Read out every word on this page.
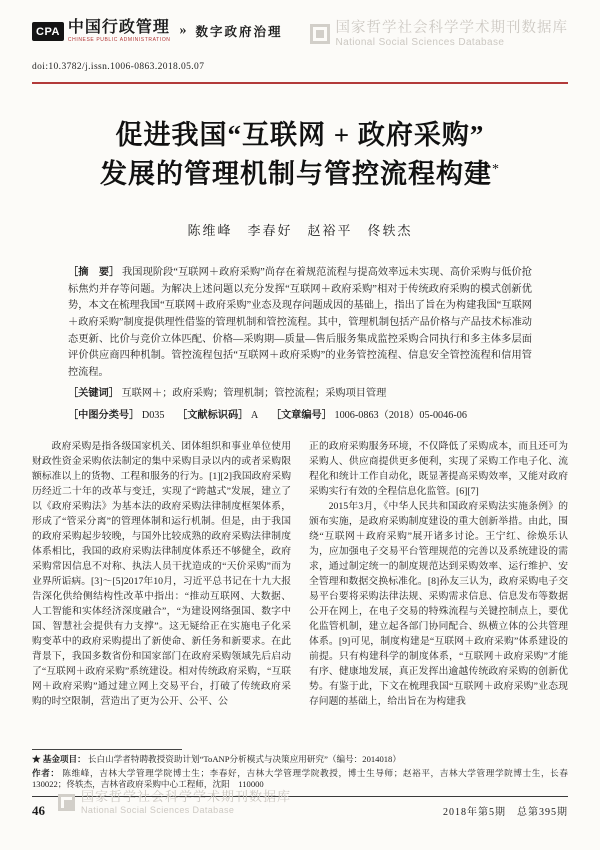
CPA 中国行政管理
CHINESE PUBLIC ADMINISTRATION
» 数字政府治理	国家哲学社会科学学术期刊数据库
National Social Sciences Database
doi:10.3782/j.issn.1006-0863.2018.05.07
促进我国“互联网 + 政府采购”
发展的管理机制与管控流程构建*
陈维峰　李春好　赵裕平　佟轶杰
［摘　要］ 我国现阶段“互联网＋政府采购”尚存在着规范流程与提高效率远未实现、高价采购与低价抢标焦灼并存等问题。为解决上述问题以充分发挥“互联网＋政府采购”相对于传统政府采购的模式创新优势，本文在梳理我国“互联网＋政府采购”业态及现存问题成因的基础上，指出了旨在为构建我国“互联网＋政府采购”制度提供理性借鉴的管理机制和管控流程。其中，管理机制包括产品价格与产品技术标准动态更新、比价与竞价立体匹配、价格—采购期—质量—售后服务集成监控采购合同执行和多主体多层面评价供应商四种机制。管控流程包括“互联网＋政府采购”的业务管控流程、信息安全管控流程和信用管控流程。
［关键词］ 互联网＋；政府采购；管理机制；管控流程；采购项目管理
［中图分类号］ D035 ［文献标识码］ A ［文章编号］ 1006-0863（2018）05-0046-06

政府采购是指各级国家机关、团体组织和事业单位使用财政性资金采购依法制定的集中采购目录以内的或者采购限额标准以上的货物、工程和服务的行为。[1][2]我国政府采购历经近二十年的改革与变迁，实现了“跨越式”发展，建立了以《政府采购法》为基本法的政府采购法律制度框架体系，形成了“管采分离”的管理体制和运行机制。但是，由于我国的政府采购起步较晚，与国外比较成熟的政府采购法律制度体系相比，我国的政府采购法律制度体系还不够健全，政府采购常因信息不对称、执法人员干扰造成的“天价采购”而为业界所诟病。[3]～[5]2017年10月，习近平总书记在十九大报告深化供给侧结构性改革中指出：“推动互联网、大数据、人工智能和实体经济深度融合”，“为建设网络强国、数字中国、智慧社会提供有力支撑”。这无疑给正在实施电子化采购变革中的政府采购提出了新使命、新任务和新要求。在此背景下，我国多数省份和国家部门在政府采购领域先后启动了“互联网＋政府采购”系统建设。相对传统政府采购，“互联网＋政府采购”通过建立网上交易平台，打破了传统政府采购的时空限制，营造出了更为公开、公平、公

正的政府采购服务环境，不仅降低了采购成本，而且还可为采购人、供应商提供更多便利，实现了采购工作电子化、流程化和统计工作自动化，既显著提高采购效率，又能对政府采购实行有效的全程信息化监管。[6][7]

2015年3月，《中华人民共和国政府采购法实施条例》的颁布实施，是政府采购制度建设的重大创新举措。由此，围绕“互联网＋政府采购”展开诸多讨论。王宁红、徐焕乐认为，应加强电子交易平台管理规范的完善以及系统建设的需求，通过制定统一的制度规范达到采购效率、运行维护、安全管理和数据交换标准化。[8]孙友三认为，政府采购电子交易平台要将采购法律法规、采购需求信息、信息发布等数据公开在网上，在电子交易的特殊流程与关键控制点上，要优化监管机制，建立起各部门协同配合、纵横立体的公共管理体系。[9]可见，制度构建是“互联网＋政府采购”体系建设的前提。只有构建科学的制度体系，“互联网＋政府采购”才能有序、健康地发展，真正发挥出逾越传统政府采购的创新优势。有鉴于此，下文在梳理我国“互联网＋政府采购”业态现存问题的基础上，给出旨在为构建我

★ 基金项目： 长白山学者特聘教授资助计划“ToANP分析模式与决策应用研究”（编号：2014018）

作者： 陈维峰，吉林大学管理学院博士生；李春好，吉林大学管理学院教授，博士生导师；赵裕平，吉林大学管理学院博士生，长春　130022；佟轶杰，吉林省政府采购中心工程师，沈阳　110000

46
国家哲学社会科学学术期刊数据库
National Social Sciences Database	2018年第5期　总第395期
